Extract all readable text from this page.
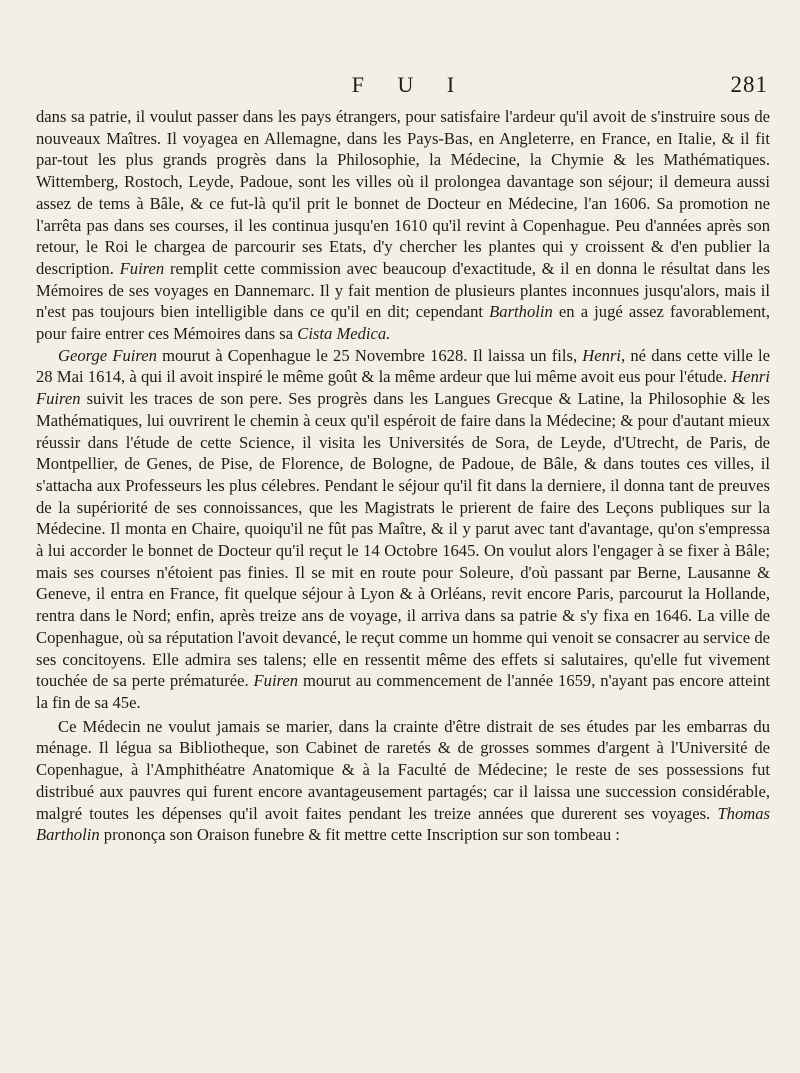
F U I	281

dans sa patrie, il voulut passer dans les pays étrangers, pour satisfaire l'ardeur qu'il avoit de s'instruire sous de nouveaux Maîtres. Il voyagea en Allemagne, dans les Pays-Bas, en Angleterre, en France, en Italie, & il fit par-tout les plus grands progrès dans la Philosophie, la Médecine, la Chymie & les Mathématiques. Wittemberg, Rostoch, Leyde, Padoue, sont les villes où il prolongea davantage son séjour; il demeura aussi assez de tems à Bâle, & ce fut-là qu'il prit le bonnet de Docteur en Médecine, l'an 1606. Sa promotion ne l'arrêta pas dans ses courses, il les continua jusqu'en 1610 qu'il revint à Copenhague. Peu d'années après son retour, le Roi le chargea de parcourir ses Etats, d'y chercher les plantes qui y croissent & d'en publier la description. Fuiren remplit cette commission avec beaucoup d'exactitude, & il en donna le résultat dans les Mémoires de ses voyages en Dannemarc. Il y fait mention de plusieurs plantes inconnues jusqu'alors, mais il n'est pas toujours bien intelligible dans ce qu'il en dit; cependant Bartholin en a jugé assez favorablement, pour faire entrer ces Mémoires dans sa Cista Medica.

George Fuiren mourut à Copenhague le 25 Novembre 1628. Il laissa un fils, Henri, né dans cette ville le 28 Mai 1614, à qui il avoit inspiré le même goût & la même ardeur que lui même avoit eus pour l'étude. Henri Fuiren suivit les traces de son pere. Ses progrès dans les Langues Grecque & Latine, la Philosophie & les Mathématiques, lui ouvrirent le chemin à ceux qu'il espéroit de faire dans la Médecine; & pour d'autant mieux réussir dans l'étude de cette Science, il visita les Universités de Sora, de Leyde, d'Utrecht, de Paris, de Montpellier, de Genes, de Pise, de Florence, de Bologne, de Padoue, de Bâle, & dans toutes ces villes, il s'attacha aux Professeurs les plus célebres. Pendant le séjour qu'il fit dans la derniere, il donna tant de preuves de la supériorité de ses connoissances, que les Magistrats le prierent de faire des Leçons publiques sur la Médecine. Il monta en Chaire, quoiqu'il ne fût pas Maître, & il y parut avec tant d'avantage, qu'on s'empressa à lui accorder le bonnet de Docteur qu'il reçut le 14 Octobre 1645. On voulut alors l'engager à se fixer à Bâle; mais ses courses n'étoient pas finies. Il se mit en route pour Soleure, d'où passant par Berne, Lausanne & Geneve, il entra en France, fit quelque séjour à Lyon & à Orléans, revit encore Paris, parcourut la Hollande, rentra dans le Nord; enfin, après treize ans de voyage, il arriva dans sa patrie & s'y fixa en 1646. La ville de Copenhague, où sa réputation l'avoit devancé, le reçut comme un homme qui venoit se consacrer au service de ses concitoyens. Elle admira ses talens; elle en ressentit même des effets si salutaires, qu'elle fut vivement touchée de sa perte prématurée. Fuiren mourut au commencement de l'année 1659, n'ayant pas encore atteint la fin de sa 45e.

Ce Médecin ne voulut jamais se marier, dans la crainte d'être distrait de ses études par les embarras du ménage. Il légua sa Bibliotheque, son Cabinet de raretés & de grosses sommes d'argent à l'Université de Copenhague, à l'Amphithéatre Anatomique & à la Faculté de Médecine; le reste de ses possessions fut distribué aux pauvres qui furent encore avantageusement partagés; car il laissa une succession considérable, malgré toutes les dépenses qu'il avoit faites pendant les treize années que durerent ses voyages. Thomas Bartholin prononça son Oraison funebre & fit mettre cette Inscription sur son tombeau :
